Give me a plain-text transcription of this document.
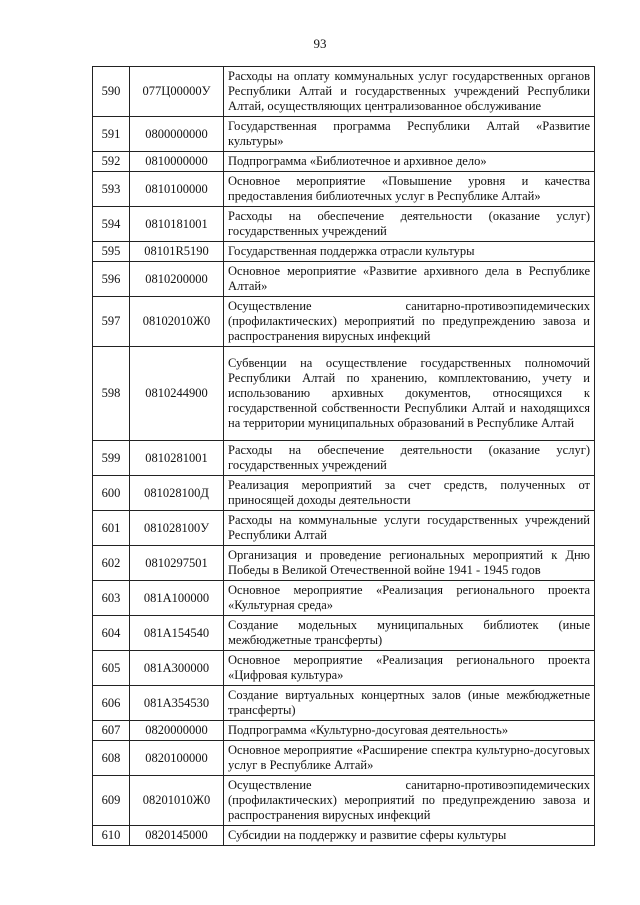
93
590	077Ц00000У	Расходы на оплату коммунальных услуг государственных органов Республики Алтай и государственных учреждений Республики Алтай, осуществляющих централизованное обслуживание
591	0800000000	Государственная программа Республики Алтай «Развитие культуры»
592	0810000000	Подпрограмма «Библиотечное и архивное дело»
593	0810100000	Основное мероприятие «Повышение уровня и качества предоставления библиотечных услуг в Республике Алтай»
594	0810181001	Расходы на обеспечение деятельности (оказание услуг) государственных учреждений
595	08101R5190	Государственная поддержка отрасли культуры
596	0810200000	Основное мероприятие «Развитие архивного дела в Республике Алтай»
597	08102010Ж0	Осуществление санитарно-противоэпидемических (профилактических) мероприятий по предупреждению завоза и распространения вирусных инфекций
598	0810244900	Субвенции на осуществление государственных полномочий Республики Алтай по хранению, комплектованию, учету и использованию архивных документов, относящихся к государственной собственности Республики Алтай и находящихся на территории муниципальных образований в Республике Алтай
599	0810281001	Расходы на обеспечение деятельности (оказание услуг) государственных учреждений
600	081028100Д	Реализация мероприятий за счет средств, полученных от приносящей доходы деятельности
601	081028100У	Расходы на коммунальные услуги государственных учреждений Республики Алтай
602	0810297501	Организация и проведение региональных мероприятий к Дню Победы в Великой Отечественной войне 1941 - 1945 годов
603	081A100000	Основное мероприятие «Реализация регионального проекта «Культурная среда»
604	081A154540	Создание модельных муниципальных библиотек (иные межбюджетные трансферты)
605	081A300000	Основное мероприятие «Реализация регионального проекта «Цифровая культура»
606	081A354530	Создание виртуальных концертных залов (иные межбюджетные трансферты)
607	0820000000	Подпрограмма «Культурно-досуговая деятельность»
608	0820100000	Основное мероприятие «Расширение спектра культурно-досуговых услуг в Республике Алтай»
609	08201010Ж0	Осуществление санитарно-противоэпидемических (профилактических) мероприятий по предупреждению завоза и распространения вирусных инфекций
610	0820145000	Субсидии на поддержку и развитие сферы культуры
